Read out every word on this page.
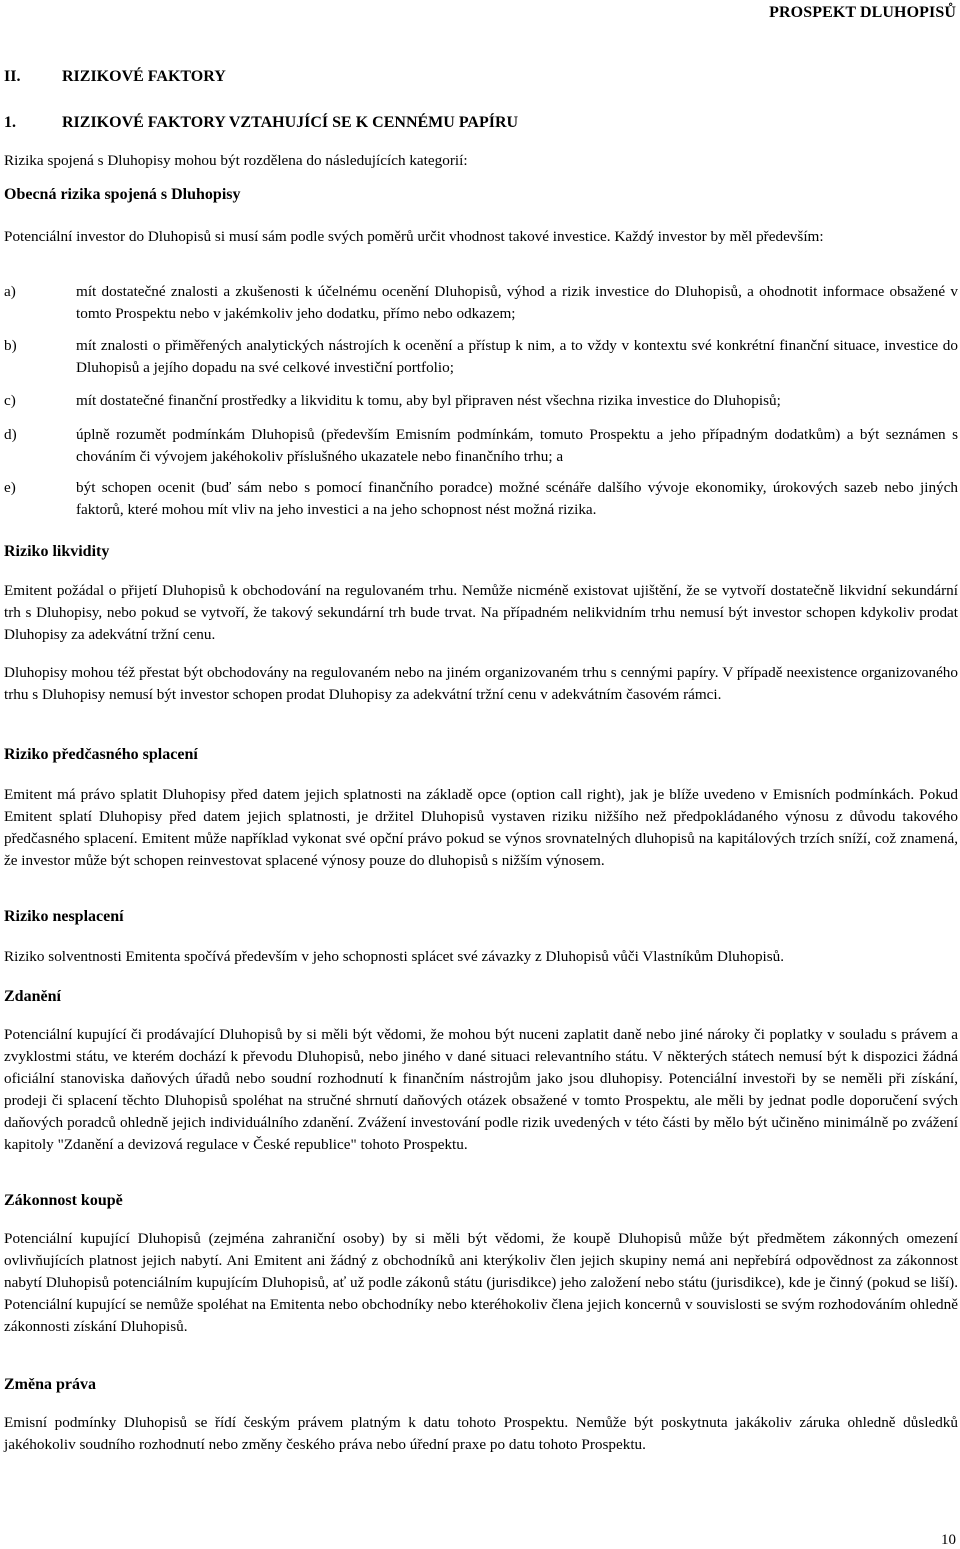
PROSPEKT DLUHOPISŮ
II.	RIZIKOVÉ FAKTORY
1.	RIZIKOVÉ FAKTORY VZTAHUJÍCÍ SE K CENNÉMU PAPÍRU

Rizika spojená s Dluhopisy mohou být rozdělena do následujících kategorií:

Obecná rizika spojená s Dluhopisy

Potenciální investor do Dluhopisů si musí sám podle svých poměrů určit vhodnost takové investice. Každý investor by měl především:

a)	mít dostatečné znalosti a zkušenosti k účelnému ocenění Dluhopisů, výhod a rizik investice do Dluhopisů, a ohodnotit informace obsažené v tomto Prospektu nebo v jakémkoliv jeho dodatku, přímo nebo odkazem;
b)	mít znalosti o přiměřených analytických nástrojích k ocenění a přístup k nim, a to vždy v kontextu své konkrétní finanční situace, investice do Dluhopisů a jejího dopadu na své celkové investiční portfolio;
c)	mít dostatečné finanční prostředky a likviditu k tomu, aby byl připraven nést všechna rizika investice do Dluhopisů;
d)	úplně rozumět podmínkám Dluhopisů (především Emisním podmínkám, tomuto Prospektu a jeho případným dodatkům) a být seznámen s chováním či vývojem jakéhokoliv příslušného ukazatele nebo finančního trhu; a
e)	být schopen ocenit (buď sám nebo s pomocí finančního poradce) možné scénáře dalšího vývoje ekonomiky, úrokových sazeb nebo jiných faktorů, které mohou mít vliv na jeho investici a na jeho schopnost nést možná rizika.
Riziko likvidity

Emitent požádal o přijetí Dluhopisů k obchodování na regulovaném trhu. Nemůže nicméně existovat ujištění, že se vytvoří dostatečně likvidní sekundární trh s Dluhopisy, nebo pokud se vytvoří, že takový sekundární trh bude trvat. Na případném nelikvidním trhu nemusí být investor schopen kdykoliv prodat Dluhopisy za adekvátní tržní cenu.

Dluhopisy mohou též přestat být obchodovány na regulovaném nebo na jiném organizovaném trhu s cennými papíry. V případě neexistence organizovaného trhu s Dluhopisy nemusí být investor schopen prodat Dluhopisy za adekvátní tržní cenu v adekvátním časovém rámci.

Riziko předčasného splacení

Emitent má právo splatit Dluhopisy před datem jejich splatnosti na základě opce (option call right), jak je blíže uvedeno v Emisních podmínkách. Pokud Emitent splatí Dluhopisy před datem jejich splatnosti, je držitel Dluhopisů vystaven riziku nižšího než předpokládaného výnosu z důvodu takového předčasného splacení. Emitent může například vykonat své opční právo pokud se výnos srovnatelných dluhopisů na kapitálových trzích sníží, což znamená, že investor může být schopen reinvestovat splacené výnosy pouze do dluhopisů s nižším výnosem.

Riziko nesplacení

Riziko solventnosti Emitenta spočívá především v jeho schopnosti splácet své závazky z Dluhopisů vůči Vlastníkům Dluhopisů.

Zdanění

Potenciální kupující či prodávající Dluhopisů by si měli být vědomi, že mohou být nuceni zaplatit daně nebo jiné nároky či poplatky v souladu s právem a zvyklostmi státu, ve kterém dochází k převodu Dluhopisů, nebo jiného v dané situaci relevantního státu. V některých státech nemusí být k dispozici žádná oficiální stanoviska daňových úřadů nebo soudní rozhodnutí k finančním nástrojům jako jsou dluhopisy. Potenciální investoři by se neměli při získání, prodeji či splacení těchto Dluhopisů spoléhat na stručné shrnutí daňových otázek obsažené v tomto Prospektu, ale měli by jednat podle doporučení svých daňových poradců ohledně jejich individuálního zdanění. Zvážení investování podle rizik uvedených v této části by mělo být učiněno minimálně po zvážení kapitoly "Zdanění a devizová regulace v České republice" tohoto Prospektu.

Zákonnost koupě

Potenciální kupující Dluhopisů (zejména zahraniční osoby) by si měli být vědomi, že koupě Dluhopisů může být předmětem zákonných omezení ovlivňujících platnost jejich nabytí. Ani Emitent ani žádný z obchodníků ani kterýkoliv člen jejich skupiny nemá ani nepřebírá odpovědnost za zákonnost nabytí Dluhopisů potenciálním kupujícím Dluhopisů, ať už podle zákonů státu (jurisdikce) jeho založení nebo státu (jurisdikce), kde je činný (pokud se liší). Potenciální kupující se nemůže spoléhat na Emitenta nebo obchodníky nebo kteréhokoliv člena jejich koncernů v souvislosti se svým rozhodováním ohledně zákonnosti získání Dluhopisů.

Změna práva

Emisní podmínky Dluhopisů se řídí českým právem platným k datu tohoto Prospektu. Nemůže být poskytnuta jakákoliv záruka ohledně důsledků jakéhokoliv soudního rozhodnutí nebo změny českého práva nebo úřední praxe po datu tohoto Prospektu.

10
